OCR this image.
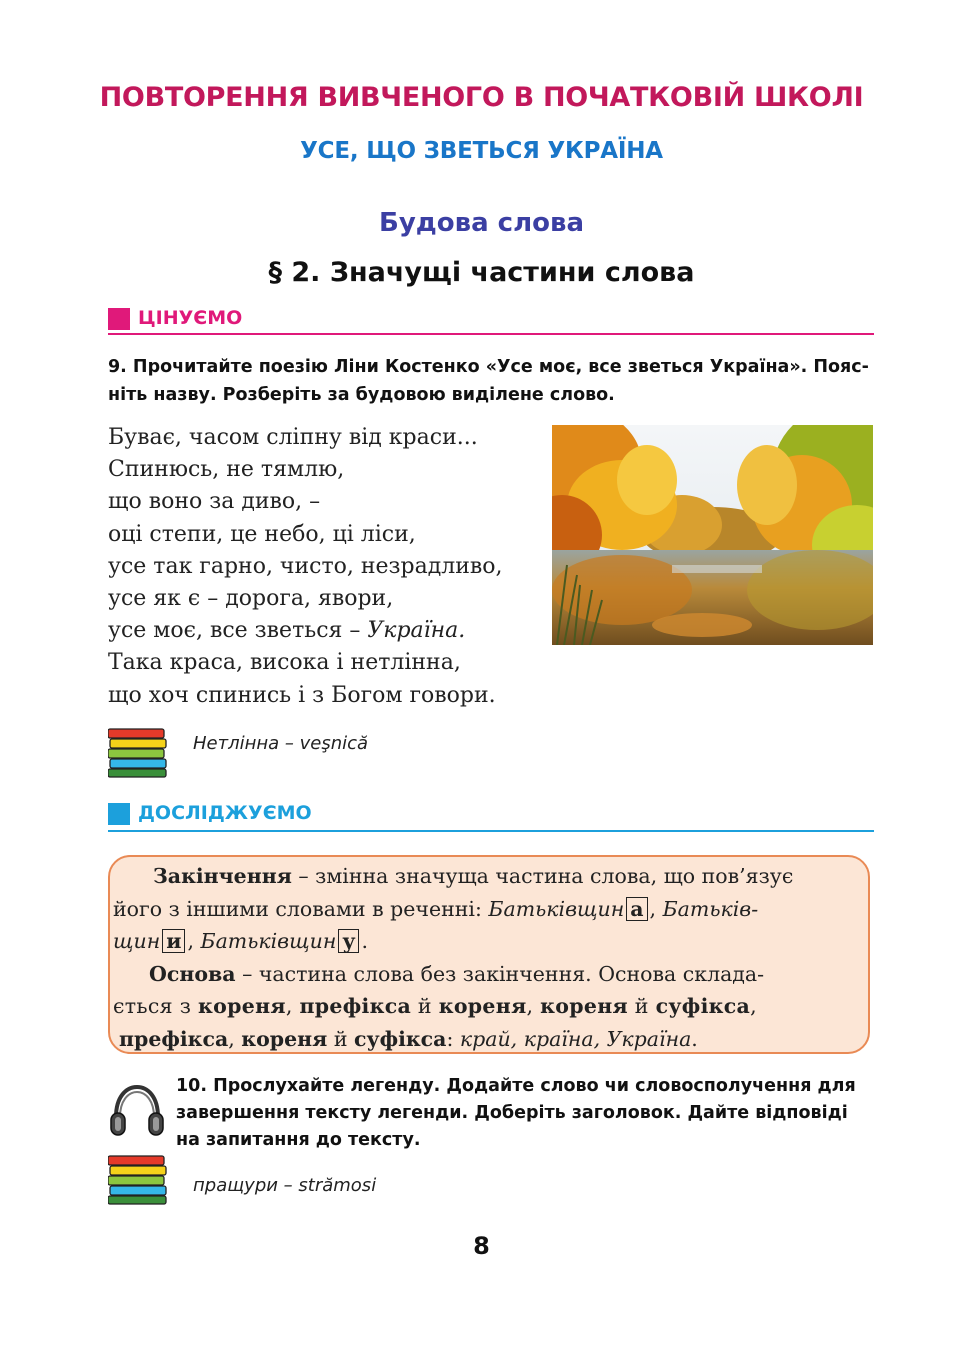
ПОВТОРЕННЯ ВИВЧЕНОГО В ПОЧАТКОВІЙ ШКОЛІ
УСЕ, ЩО ЗВЕТЬСЯ УКРАЇНА
Будова слова
§ 2. Значущі частини слова
ЦІНУЄМО
9. Прочитайте поезію Ліни Костенко «Усе моє, все зветься Україна». Пояс-
ніть назву. Розберіть за будовою виділене слово.
Буває, часом сліпну від краси...
Спинюсь, не тямлю,
що воно за диво, –
оці степи, це небо, ці ліси,
усе так гарно, чисто, незрадливо,
усе як є – дорога, явори,
усе моє, все зветься – Україна.
Така краса, висока і нетлінна,
що хоч спинись і з Богом говори.
Нетлінна – veşnică
ДОСЛІДЖУЄМО
Закінчення – змінна значуща частина слова, що пов’язує
його з іншими словами в реченні: Батьківщин а , Батьків-
щин и , Батьківщин у .
Основа – частина слова без закінчення. Основа склада-
ється з кореня, префікса й кореня, кореня й суфікса,
префікса, кореня й суфікса: край, країна, Україна.
10. Прослухайте легенду. Додайте слово чи словосполучення для
завершення тексту легенди. Доберіть заголовок. Дайте відповіді
на запитання до тексту.
пращури – strămosi
8
